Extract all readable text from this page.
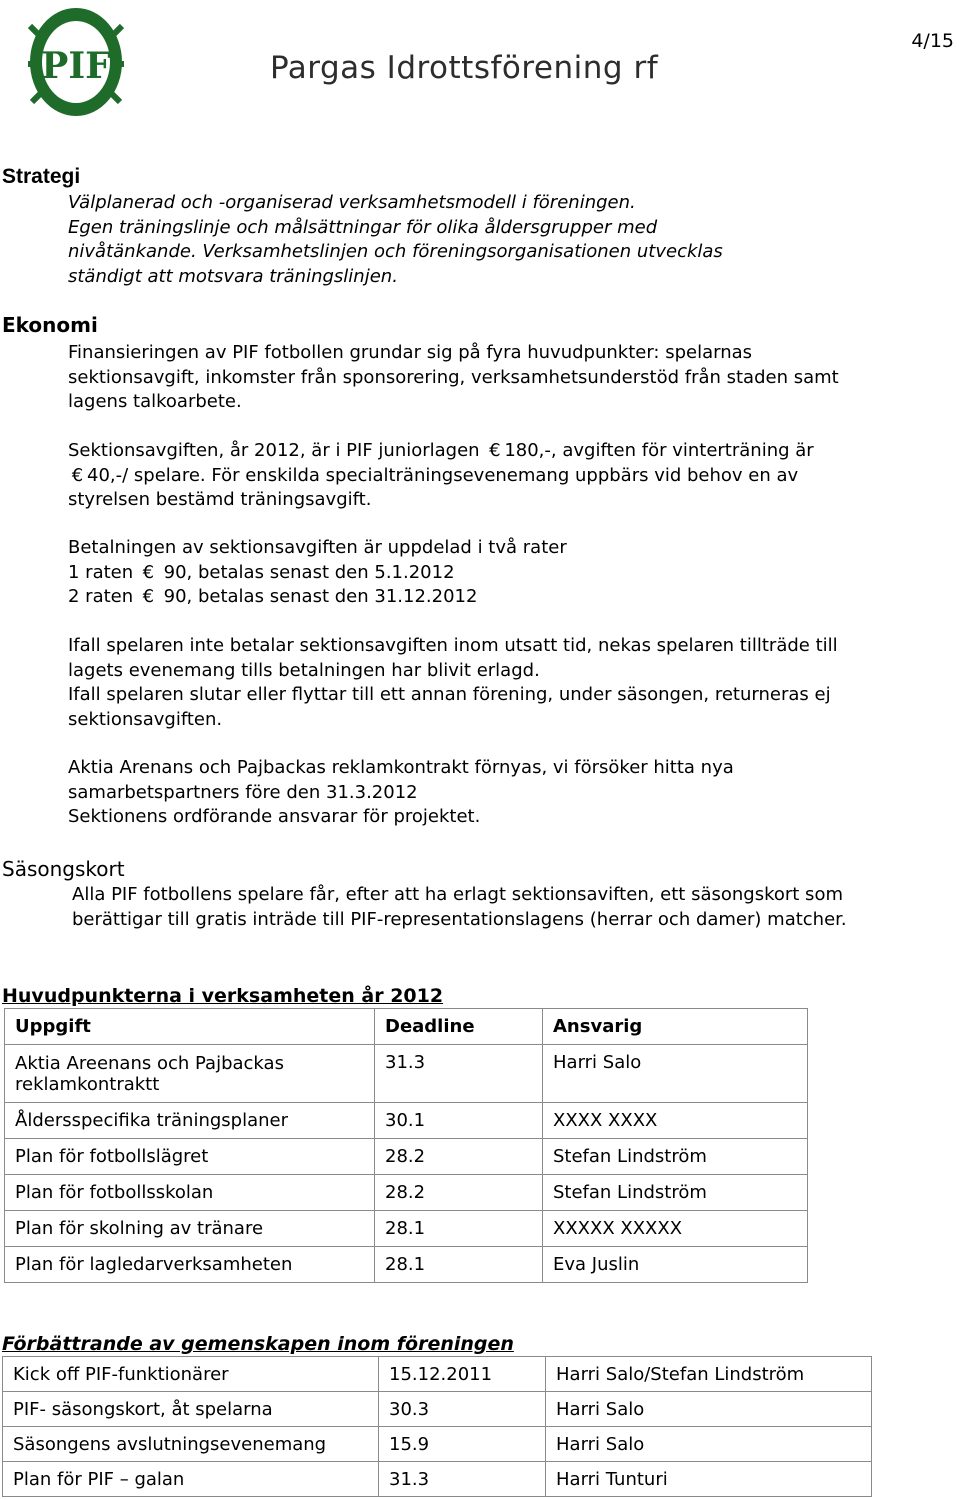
PIF
4/15
Pargas Idrottsförening rf
Strategi
Välplanerad och -organiserad verksamhetsmodell i föreningen.
Egen träningslinje och målsättningar för olika åldersgrupper med
nivåtänkande. Verksamhetslinjen och föreningsorganisationen utvecklas
ständigt att motsvara träningslinjen.
Ekonomi
Finansieringen av PIF fotbollen grundar sig på fyra huvudpunkter: spelarnas
sektionsavgift, inkomster från sponsorering, verksamhetsunderstöd från staden samt
lagens talkoarbete.
Sektionsavgiften, år 2012, är i PIF juniorlagen € 180,-, avgiften för vinterträning är
€ 40,-/ spelare. För enskilda specialträningsevenemang uppbärs vid behov en av
styrelsen bestämd träningsavgift.
Betalningen av sektionsavgiften är uppdelad i två rater
1 raten € 90, betalas senast den 5.1.2012
2 raten € 90, betalas senast den 31.12.2012
Ifall spelaren inte betalar sektionsavgiften inom utsatt tid, nekas spelaren tillträde till
lagets evenemang tills betalningen har blivit erlagd.
Ifall spelaren slutar eller flyttar till ett annan förening, under säsongen, returneras ej
sektionsavgiften.
Aktia Arenans och Pajbackas reklamkontrakt förnyas, vi försöker hitta nya
samarbetspartners före den 31.3.2012
Sektionens ordförande ansvarar för projektet.
Säsongskort
Alla PIF fotbollens spelare får, efter att ha erlagt sektionsaviften, ett säsongskort som
berättigar till gratis inträde till PIF-representationslagens (herrar och damer) matcher.
Huvudpunkterna i verksamheten år 2012
Uppgift	Deadline	Ansvarig
Aktia Areenans och Pajbackas reklamkontraktt	31.3	Harri Salo
Åldersspecifika träningsplaner	30.1	XXXX XXXX
Plan för fotbollslägret	28.2	Stefan Lindström
Plan för fotbollsskolan	28.2	Stefan Lindström
Plan för skolning av tränare	28.1	XXXXX XXXXX
Plan för lagledarverksamheten	28.1	Eva Juslin
Förbättrande av gemenskapen inom föreningen
Kick off PIF-funktionärer	15.12.2011	Harri Salo/Stefan Lindström
PIF- säsongskort, åt spelarna	30.3	Harri Salo
Säsongens avslutningsevenemang	15.9	Harri Salo
Plan för PIF – galan	31.3	Harri Tunturi
